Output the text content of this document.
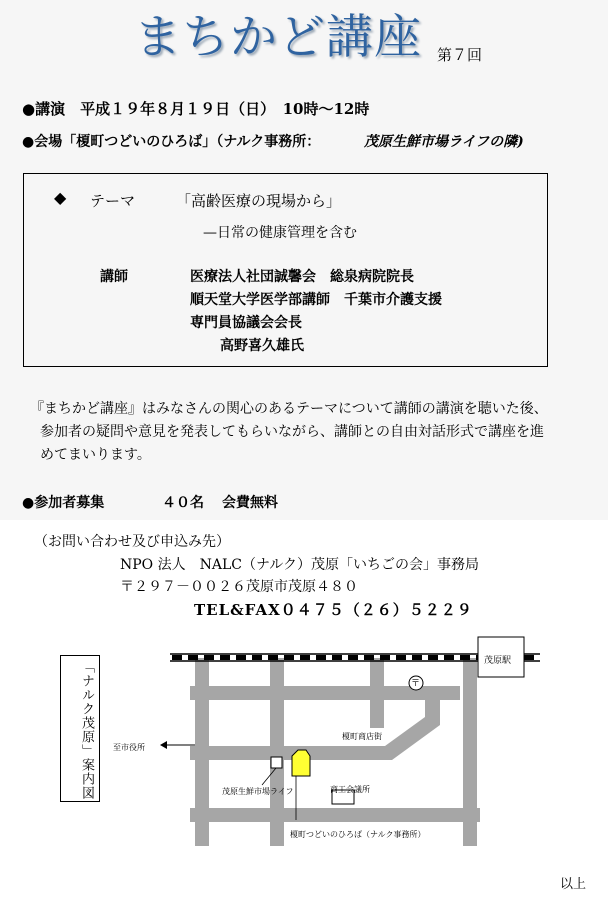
まちかど講座 第７回
●講演　平成１９年８月１９日（日）　10時～12時
●会場「榎町つどいのひろば」（ナルク事務所：	茂原生鮮市場ライフの隣)
◆ テーマ	「高齢医療の現場から」
—日常の健康管理を含む
講師	医療法人社団誠馨会　総泉病院院長
順天堂大学医学部講師　千葉市介護支援
専門員協議会会長
高野喜久雄氏
『まちかど講座』はみなさんの関心のあるテーマについて講師の講演を聴いた後、
参加者の疑問や意見を発表してもらいながら、講師との自由対話形式で講座を進
めてまいります。
●参加者募集	４０名 会費無料
（お問い合わせ及び申込み先）
NPO 法人　NALC（ナルク）茂原「いちごの会」事務局
〒２９７－００２６茂原市茂原４８０
TEL&FAX０４７５（２６）５２２９
「ナルク茂原」案内図	茂原駅
〒
榎町商店街
至市役所
茂原生鮮市場ライフ	商工会議所
榎町つどいのひろば（ナルク事務所）
以上
